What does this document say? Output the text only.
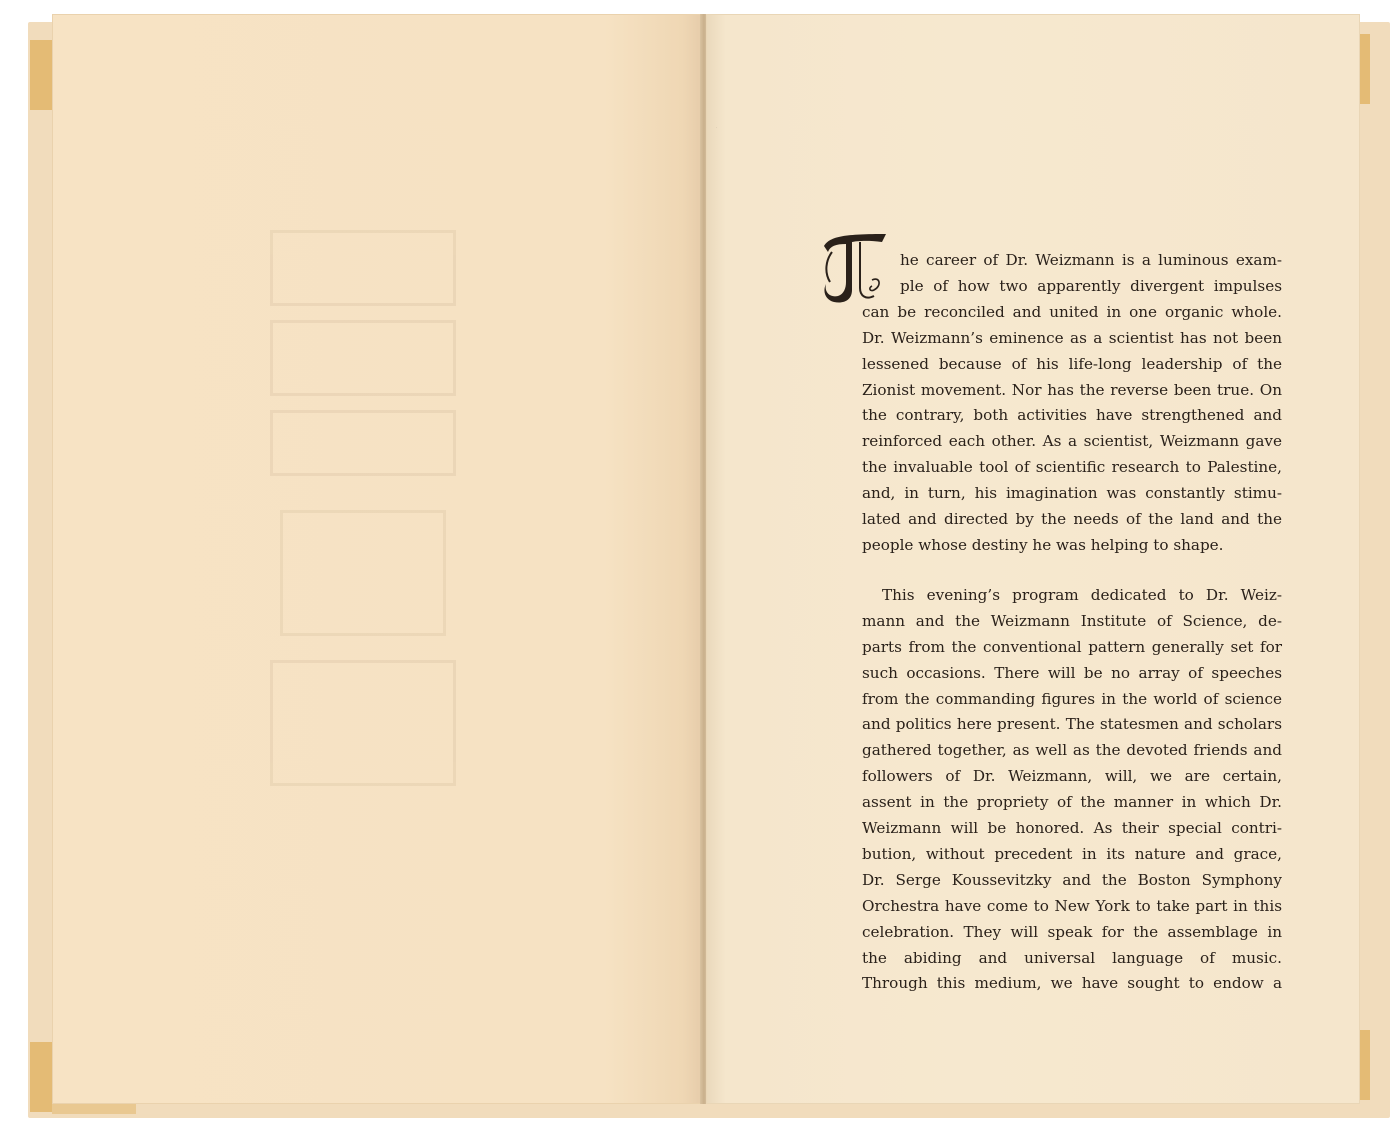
T

he career of Dr. Weizmann is a luminous exam-
ple of how two apparently divergent impulses
can be reconciled and united in one organic whole.
Dr. Weizmann’s eminence as a scientist has not been
lessened because of his life-long leadership of the
Zionist movement. Nor has the reverse been true. On
the contrary, both activities have strengthened and
reinforced each other. As a scientist, Weizmann gave
the invaluable tool of scientific research to Palestine,
and, in turn, his imagination was constantly stimu-
lated and directed by the needs of the land and the
people whose destiny he was helping to shape.

This evening’s program dedicated to Dr. Weiz-
mann and the Weizmann Institute of Science, de-
parts from the conventional pattern generally set for
such occasions. There will be no array of speeches
from the commanding figures in the world of science
and politics here present. The statesmen and scholars
gathered together, as well as the devoted friends and
followers of Dr. Weizmann, will, we are certain,
assent in the propriety of the manner in which Dr.
Weizmann will be honored. As their special contri-
bution, without precedent in its nature and grace,
Dr. Serge Koussevitzky and the Boston Symphony
Orchestra have come to New York to take part in this
celebration. They will speak for the assemblage in
the abiding and universal language of music.
Through this medium, we have sought to endow a
